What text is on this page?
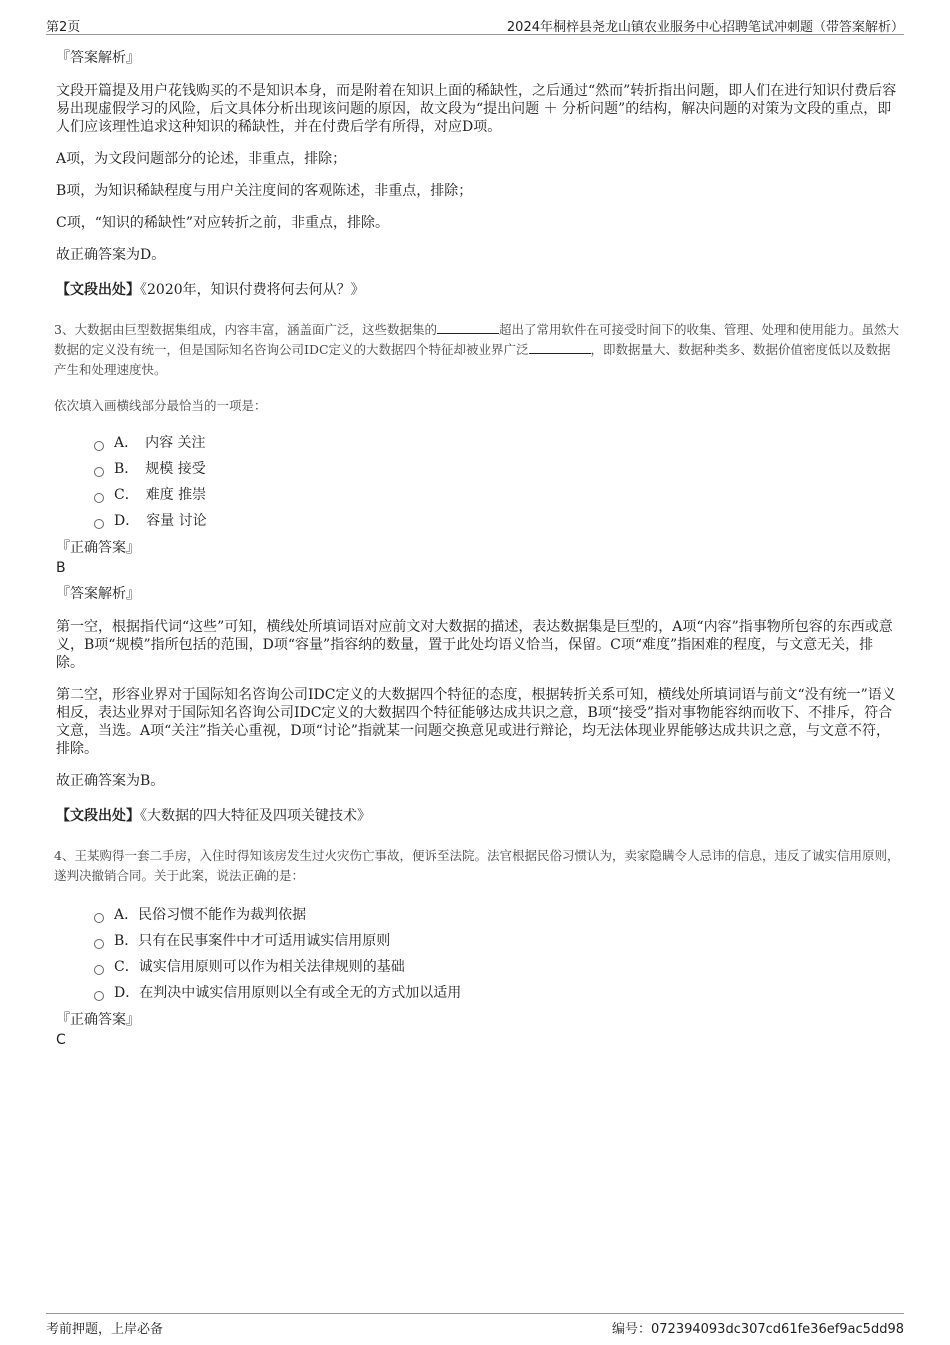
第2页	2024年桐梓县尧龙山镇农业服务中心招聘笔试冲刺题（带答案解析）
『答案解析』

文段开篇提及用户花钱购买的不是知识本身，而是附着在知识上面的稀缺性，之后通过“然而”转折指出问题，即人们在进行知识付费后容易出现虚假学习的风险，后文具体分析出现该问题的原因，故文段为“提出问题 ＋ 分析问题”的结构，解决问题的对策为文段的重点，即人们应该理性追求这种知识的稀缺性，并在付费后学有所得，对应D项。

A项，为文段问题部分的论述，非重点，排除；

B项，为知识稀缺程度与用户关注度间的客观陈述，非重点，排除；

C项，“知识的稀缺性”对应转折之前，非重点，排除。

故正确答案为D。

【文段出处】《2020年，知识付费将何去何从？》
3、大数据由巨型数据集组成，内容丰富，涵盖面广泛，这些数据集的	超出了常用软件在可接受时间下的收集、管理、处理和使用能力。虽然大数据的定义没有统一，但是国际知名咨询公司IDC定义的大数据四个特征却被业界广泛	，即数据量大、数据种类多、数据价值密度低以及数据产生和处理速度快。
依次填入画横线部分最恰当的一项是：
A．　内容 关注
B．　规模 接受
C．　难度 推崇
D．　容量 讨论
『正确答案』
B
『答案解析』

第一空，根据指代词“这些”可知，横线处所填词语对应前文对大数据的描述，表达数据集是巨型的，A项“内容”指事物所包容的东西或意义，B项“规模”指所包括的范围，D项“容量”指容纳的数量，置于此处均语义恰当，保留。C项“难度”指困难的程度，与文意无关，排除。

第二空，形容业界对于国际知名咨询公司IDC定义的大数据四个特征的态度，根据转折关系可知，横线处所填词语与前文“没有统一”语义相反，表达业界对于国际知名咨询公司IDC定义的大数据四个特征能够达成共识之意，B项“接受”指对事物能容纳而收下、不排斥，符合文意，当选。A项“关注”指关心重视，D项“讨论”指就某一问题交换意见或进行辩论，均无法体现业界能够达成共识之意，与文意不符，排除。

故正确答案为B。

【文段出处】《大数据的四大特征及四项关键技术》
4、王某购得一套二手房，入住时得知该房发生过火灾伤亡事故，便诉至法院。法官根据民俗习惯认为，卖家隐瞒令人忌讳的信息，违反了诚实信用原则，遂判决撤销合同。关于此案，说法正确的是：
A．民俗习惯不能作为裁判依据
B．只有在民事案件中才可适用诚实信用原则
C．诚实信用原则可以作为相关法律规则的基础
D．在判决中诚实信用原则以全有或全无的方式加以适用
『正确答案』
C
考前押题，上岸必备	编号：072394093dc307cd61fe36ef9ac5dd98
